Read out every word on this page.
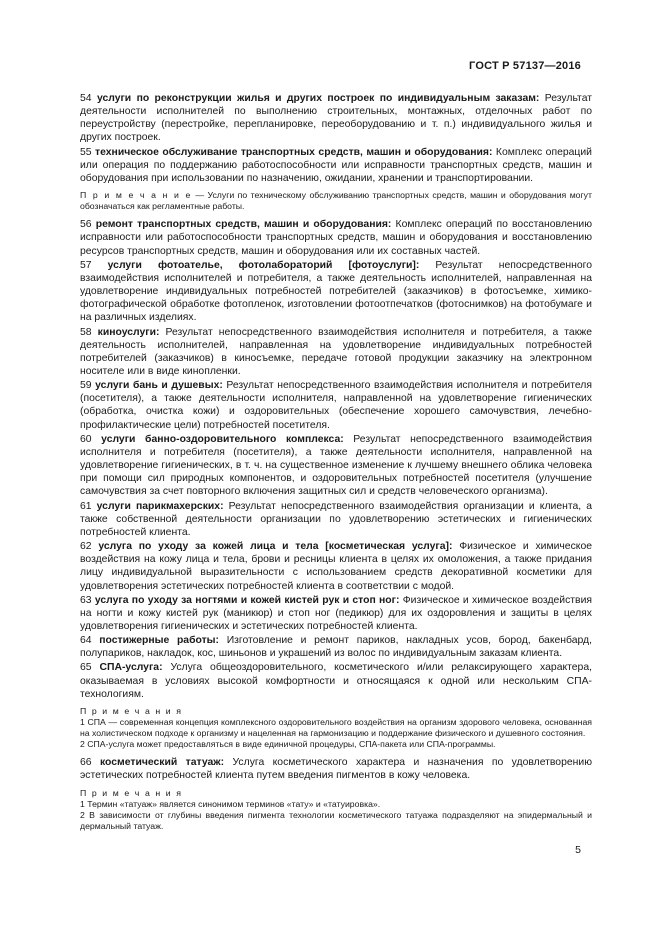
ГОСТ Р 57137—2016

54 услуги по реконструкции жилья и других построек по индивидуальным заказам: Результат деятельности исполнителей по выполнению строительных, монтажных, отделочных работ по переустройству (перестройке, перепланировке, переоборудованию и т. п.) индивидуального жилья и других построек.

55 техническое обслуживание транспортных средств, машин и оборудования: Комплекс операций или операция по поддержанию работоспособности или исправности транспортных средств, машин и оборудования при использовании по назначению, ожидании, хранении и транспортировании.

П р и м е ч а н и е — Услуги по техническому обслуживанию транспортных средств, машин и оборудования могут обозначаться как регламентные работы.

56 ремонт транспортных средств, машин и оборудования: Комплекс операций по восстановлению исправности или работоспособности транспортных средств, машин и оборудования и восстановлению ресурсов транспортных средств, машин и оборудования или их составных частей.

57 услуги фотоателье, фотолабораторий [фотоуслуги]: Результат непосредственного взаимодействия исполнителей и потребителя, а также деятельность исполнителей, направленная на удовлетворение индивидуальных потребностей потребителей (заказчиков) в фотосъемке, химико-фотографической обработке фотопленок, изготовлении фотоотпечатков (фотоснимков) на фотобумаге и на различных изделиях.

58 киноуслуги: Результат непосредственного взаимодействия исполнителя и потребителя, а также деятельность исполнителей, направленная на удовлетворение индивидуальных потребностей потребителей (заказчиков) в киносъемке, передаче готовой продукции заказчику на электронном носителе или в виде кинопленки.

59 услуги бань и душевых: Результат непосредственного взаимодействия исполнителя и потребителя (посетителя), а также деятельности исполнителя, направленной на удовлетворение гигиенических (обработка, очистка кожи) и оздоровительных (обеспечение хорошего самочувствия, лечебно-профилактические цели) потребностей посетителя.

60 услуги банно-оздоровительного комплекса: Результат непосредственного взаимодействия исполнителя и потребителя (посетителя), а также деятельности исполнителя, направленной на удовлетворение гигиенических, в т. ч. на существенное изменение к лучшему внешнего облика человека при помощи сил природных компонентов, и оздоровительных потребностей посетителя (улучшение самочувствия за счет повторного включения защитных сил и средств человеческого организма).

61 услуги парикмахерских: Результат непосредственного взаимодействия организации и клиента, а также собственной деятельности организации по удовлетворению эстетических и гигиенических потребностей клиента.

62 услуга по уходу за кожей лица и тела [косметическая услуга]: Физическое и химическое воздействия на кожу лица и тела, брови и ресницы клиента в целях их омоложения, а также придания лицу индивидуальной выразительности с использованием средств декоративной косметики для удовлетворения эстетических потребностей клиента в соответствии с модой.

63 услуга по уходу за ногтями и кожей кистей рук и стоп ног: Физическое и химическое воздействия на ногти и кожу кистей рук (маникюр) и стоп ног (педикюр) для их оздоровления и защиты в целях удовлетворения гигиенических и эстетических потребностей клиента.

64 постижерные работы: Изготовление и ремонт париков, накладных усов, бород, бакенбард, полупариков, накладок, кос, шиньонов и украшений из волос по индивидуальным заказам клиента.

65 СПА-услуга: Услуга общеоздоровительного, косметического и/или релаксирующего характера, оказываемая в условиях высокой комфортности и относящаяся к одной или нескольким СПА-технологиям.

П р и м е ч а н и я

1 СПА — современная концепция комплексного оздоровительного воздействия на организм здорового человека, основанная на холистическом подходе к организму и нацеленная на гармонизацию и поддержание физического и душевного состояния.

2 СПА-услуга может предоставляться в виде единичной процедуры, СПА-пакета или СПА-программы.

66 косметический татуаж: Услуга косметического характера и назначения по удовлетворению эстетических потребностей клиента путем введения пигментов в кожу человека.

П р и м е ч а н и я

1 Термин «татуаж» является синонимом терминов «тату» и «татуировка».

2 В зависимости от глубины введения пигмента технологии косметического татуажа подразделяют на эпидермальный и дермальный татуаж.

5
